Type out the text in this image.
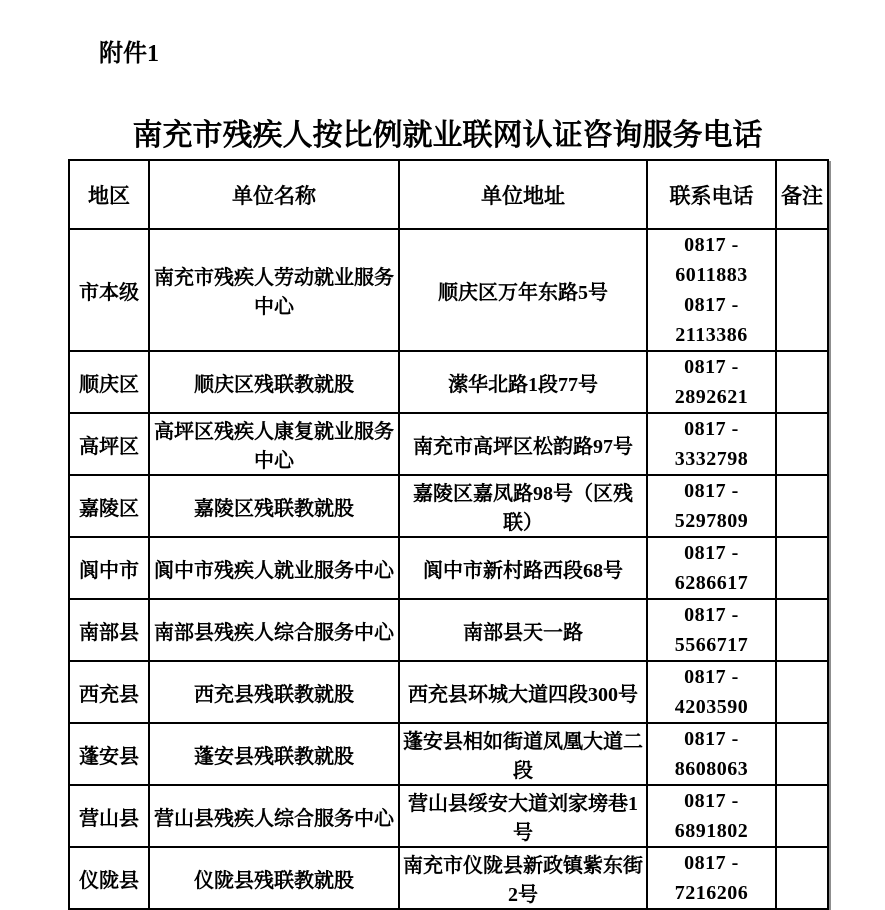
附件1
南充市残疾人按比例就业联网认证咨询服务电话
地区	单位名称	单位地址	联系电话	备注
市本级	南充市残疾人劳动就业服务中心	顺庆区万年东路5号	0817 - 6011883
0817 - 2113386	

顺庆区	顺庆区残联教就股	潆华北路1段77号	0817 - 2892621	

高坪区	高坪区残疾人康复就业服务中心	南充市高坪区松韵路97号	0817 - 3332798	

嘉陵区	嘉陵区残联教就股	嘉陵区嘉凤路98号（区残联）	0817 - 5297809	

阆中市	阆中市残疾人就业服务中心	阆中市新村路西段68号	0817 - 6286617	

南部县	南部县残疾人综合服务中心	南部县天一路	0817 - 5566717	

西充县	西充县残联教就股	西充县环城大道四段300号	0817 - 4203590	

蓬安县	蓬安县残联教就股	蓬安县相如街道凤凰大道二段	0817 - 8608063	

营山县	营山县残疾人综合服务中心	营山县绥安大道刘家塝巷1号	0817 - 6891802	

仪陇县	仪陇县残联教就股	南充市仪陇县新政镇紫东街2号	0817 - 7216206	
